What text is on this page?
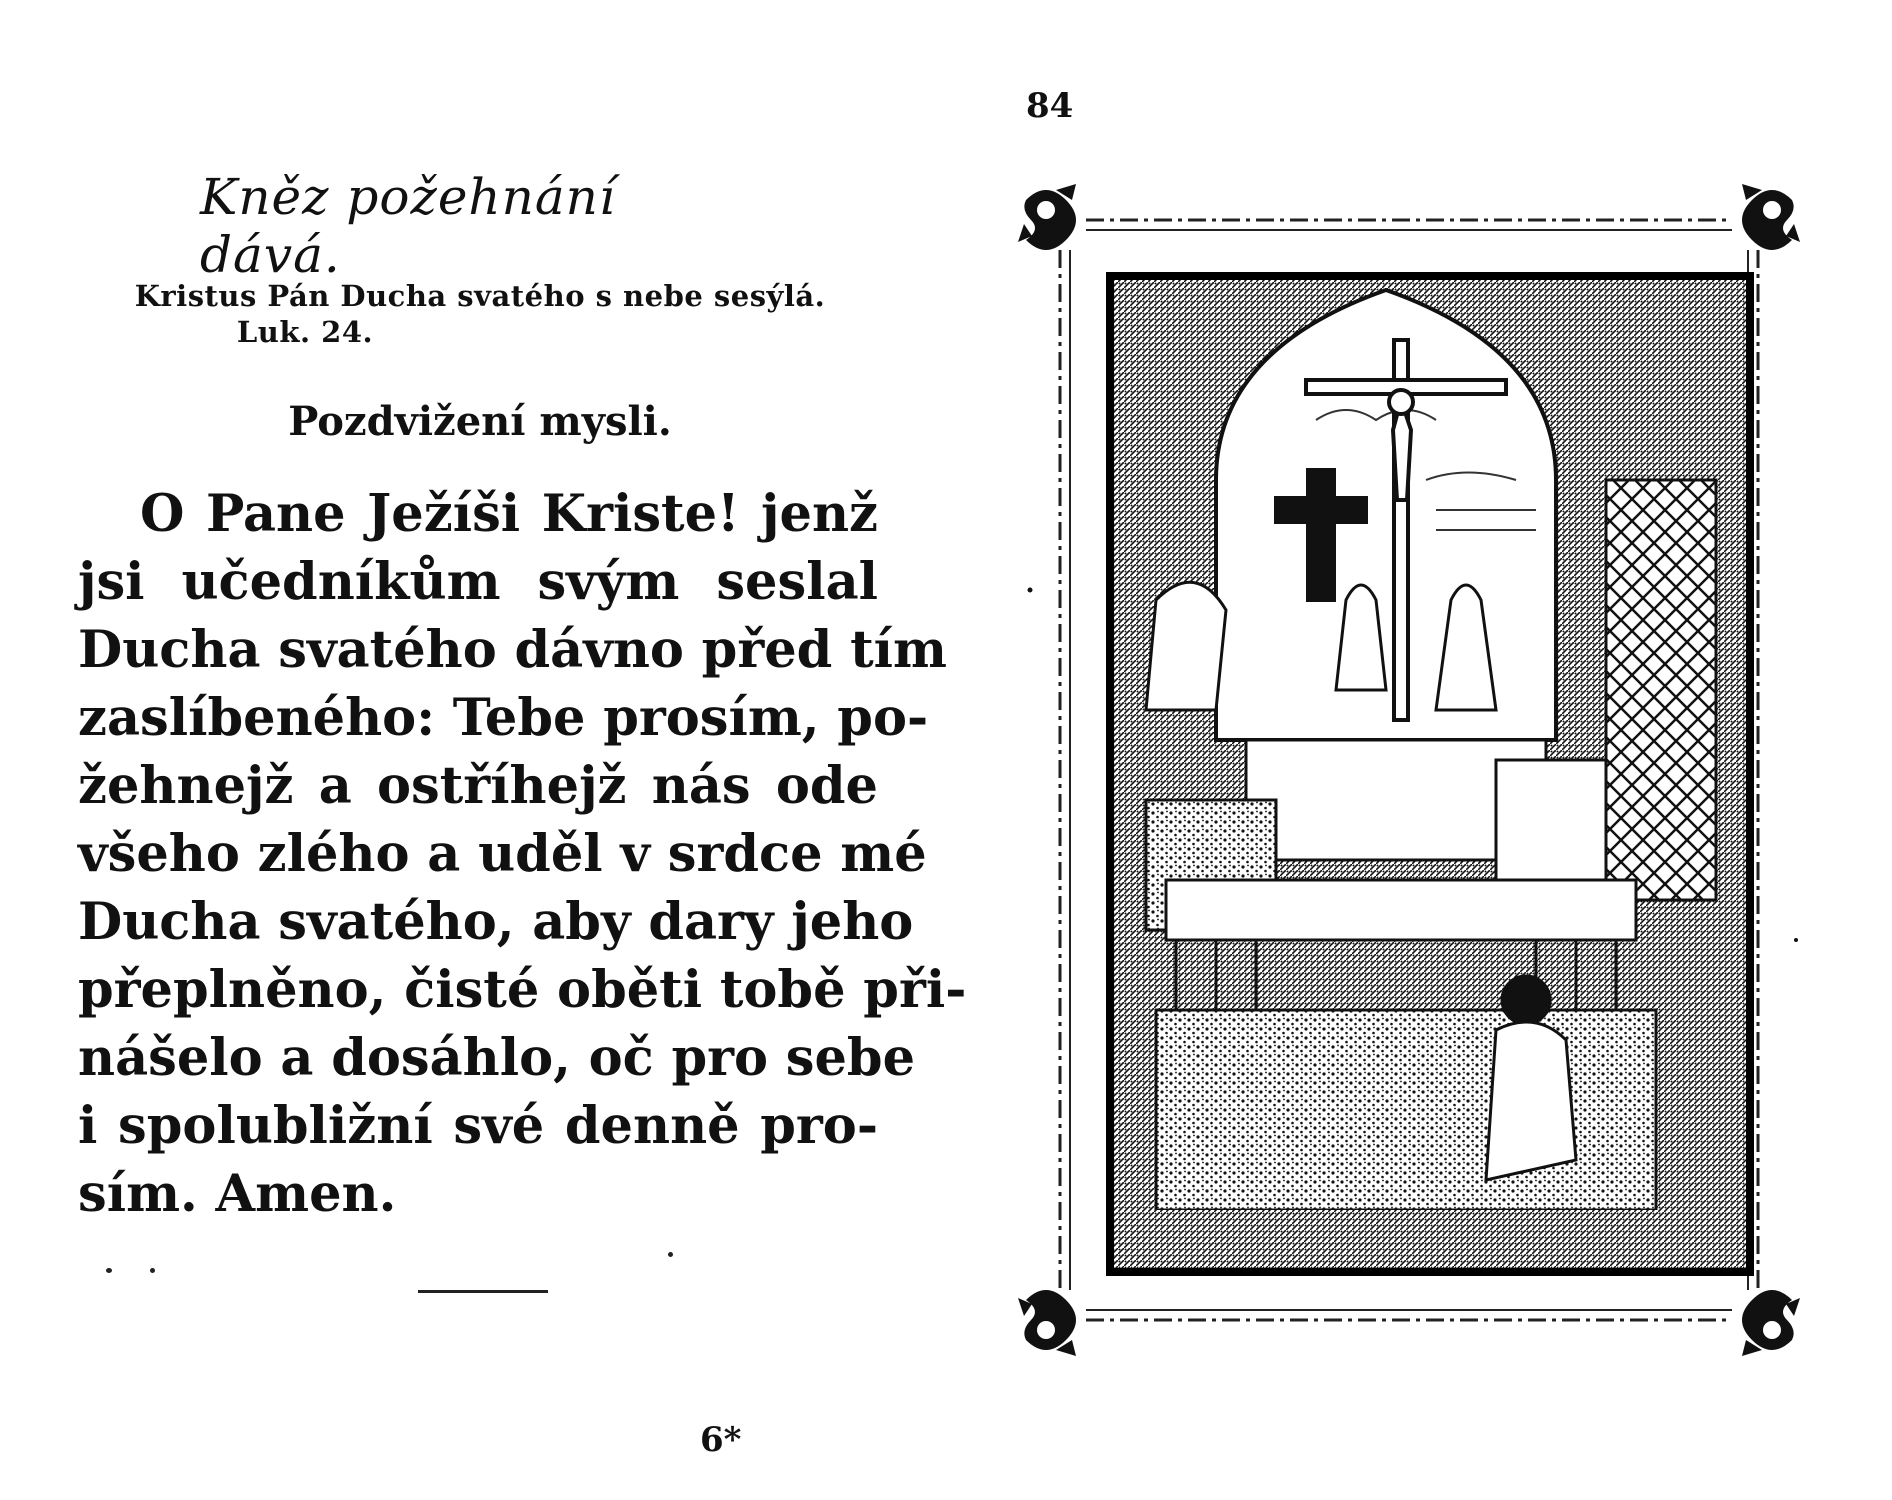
Kněz požehnání dává.
Kristus Pán Ducha svatého s nebe sesýlá.
Luk. 24.
Pozdvižení mysli.
O Pane Ježíši Kriste! jenž
jsi učedníkům svým seslal
Ducha svatého dávno před tím
zaslíbeného: Tebe prosím, po-
žehnejž a ostříhejž nás ode
všeho zlého a uděl v srdce mé
Ducha svatého, aby dary jeho
přeplněno, čisté oběti tobě při-
nášelo a dosáhlo, oč pro sebe
i spolubližní své denně pro-
sím. Amen.
6*
84
